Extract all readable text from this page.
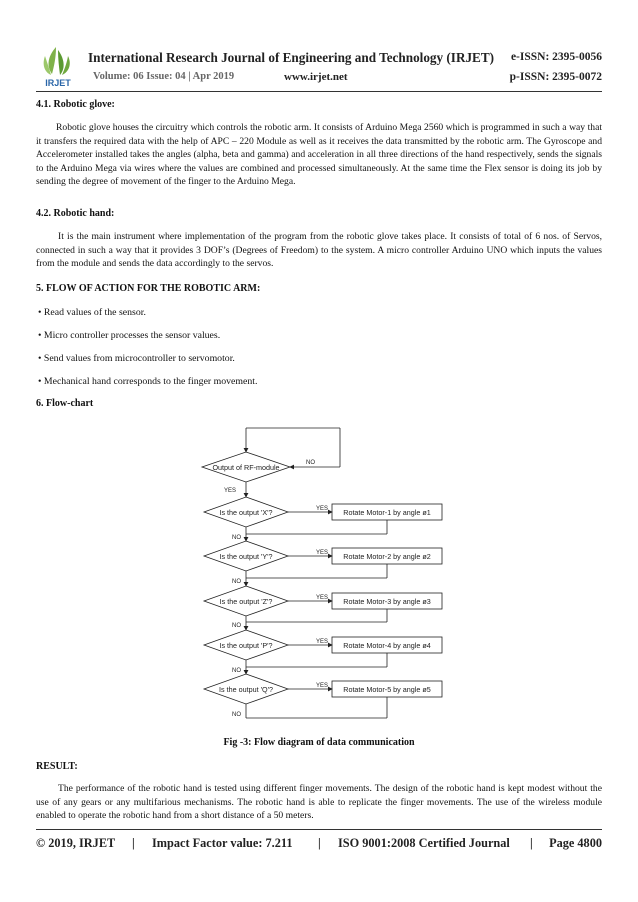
IRJET
International Research Journal of Engineering and Technology (IRJET) e-ISSN: 2395-0056
Volume: 06 Issue: 04 | Apr 2019	www.irjet.net	p-ISSN: 2395-0072
4.1. Robotic glove:
Robotic glove houses the circuitry which controls the robotic arm. It consists of Arduino Mega 2560 which is programmed in such a way that it transfers the required data with the help of APC – 220 Module as well as it receives the data transmitted by the robotic arm. The Gyroscope and Accelerometer installed takes the angles (alpha, beta and gamma) and acceleration in all three directions of the hand respectively, sends the signals to the Arduino Mega via wires where the values are combined and processed simultaneously. At the same time the Flex sensor is doing its job by sending the degree of movement of the finger to the Arduino Mega.
4.2. Robotic hand:
It is the main instrument where implementation of the program from the robotic glove takes place. It consists of total of 6 nos. of Servos, connected in such a way that it provides 3 DOF’s (Degrees of Freedom) to the system. A micro controller Arduino UNO which inputs the values from the module and sends the data accordingly to the servos.
5. FLOW OF ACTION FOR THE ROBOTIC ARM:
• Read values of the sensor.
• Micro controller processes the sensor values.
• Send values from microcontroller to servomotor.
• Mechanical hand corresponds to the finger movement.
6. Flow-chart
Output of RF-module	NO
YES
Is the output 'X'?
Is the output 'Y'?
Is the output 'Z'?
Is the output 'P'?
Is the output 'Q'?
Rotate Motor-1 by angle ø1
Rotate Motor-2 by angle ø2
Rotate Motor-3 by angle ø3
Rotate Motor-4 by angle ø4
Rotate Motor-5 by angle ø5
YES
YES
YES
YES
YES
NO
NO
NO
NO
NO
Fig -3: Flow diagram of data communication
RESULT:
The performance of the robotic hand is tested using different finger movements. The design of the robotic hand is kept modest without the use of any gears or any multifarious mechanisms. The robotic hand is able to replicate the finger movements. The use of the wireless module enabled to operate the robotic hand from a short distance of a 50 meters.
© 2019, IRJET | Impact Factor value: 7.211 | ISO 9001:2008 Certified Journal | Page 4800
